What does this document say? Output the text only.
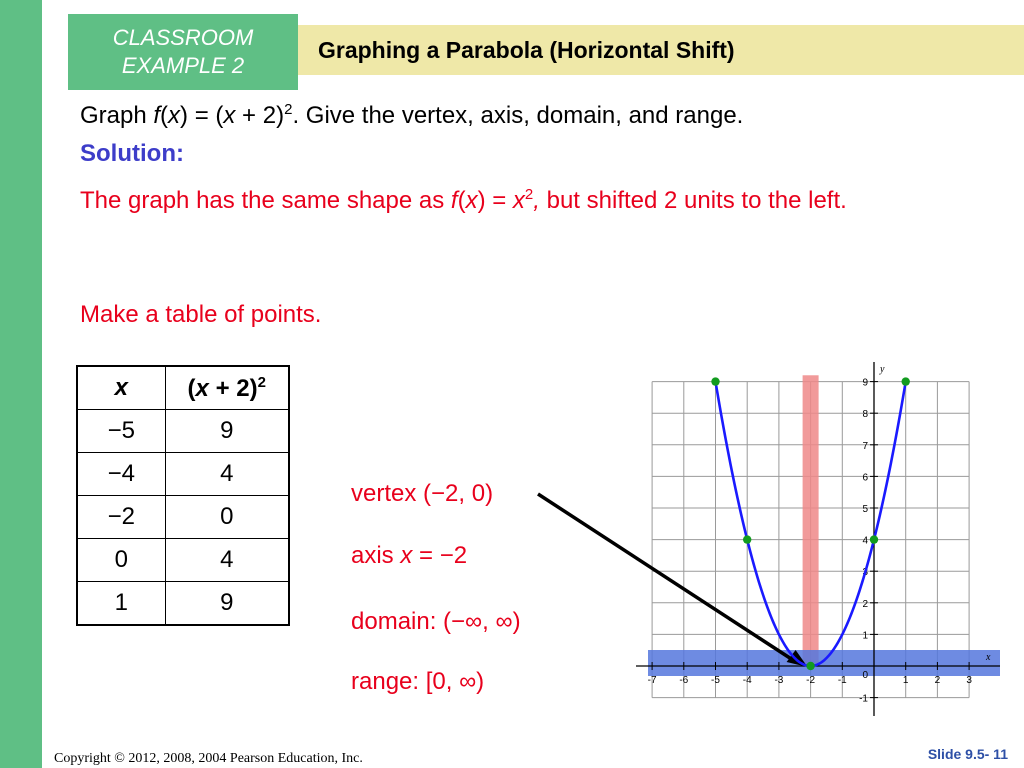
CLASSROOM
EXAMPLE 2
Graphing a Parabola (Horizontal Shift)
Graph $f(x) = (x + 2)^2$. Give the vertex, axis, domain, and range.
Solution:
The graph has the same shape as $f(x) = x^2$, but shifted 2 units to the left.
Make a table of points.
x	$(x + 2)^2$
−5	9
−4	4
−2	0
0	4
1	9
vertex (−2, 0)
axis x = −2
domain: (−∞, ∞)
range: [0, ∞)	-7 -6 -5 -4 -3 -2 -1	1	2	3
9
8
7
6
5
4
3
2
1
-1
0
x
y
Copyright © 2012, 2008, 2004 Pearson Education, Inc.	Slide 9.5- 11
